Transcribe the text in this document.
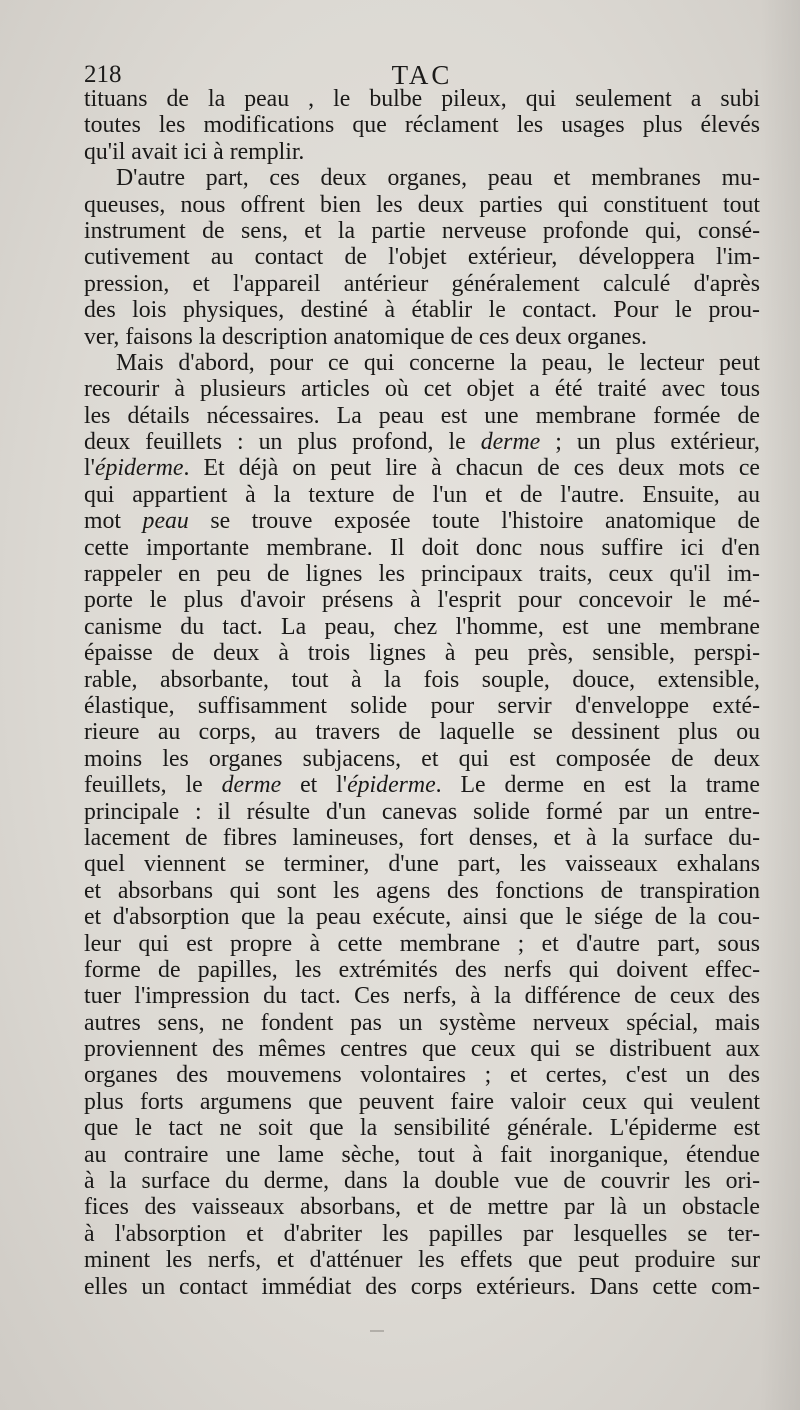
218	TAC
tituans de la peau , le bulbe pileux, qui seulement a subi
toutes les modifications que réclament les usages plus élevés
qu'il avait ici à remplir.
D'autre part, ces deux organes, peau et membranes mu-
queuses, nous offrent bien les deux parties qui constituent tout
instrument de sens, et la partie nerveuse profonde qui, consé-
cutivement au contact de l'objet extérieur, développera l'im-
pression, et l'appareil antérieur généralement calculé d'après
des lois physiques, destiné à établir le contact. Pour le prou-
ver, faisons la description anatomique de ces deux organes.
Mais d'abord, pour ce qui concerne la peau, le lecteur peut
recourir à plusieurs articles où cet objet a été traité avec tous
les détails nécessaires. La peau est une membrane formée de
deux feuillets : un plus profond, le derme ; un plus extérieur,
l'épiderme. Et déjà on peut lire à chacun de ces deux mots ce
qui appartient à la texture de l'un et de l'autre. Ensuite, au
mot peau se trouve exposée toute l'histoire anatomique de
cette importante membrane. Il doit donc nous suffire ici d'en
rappeler en peu de lignes les principaux traits, ceux qu'il im-
porte le plus d'avoir présens à l'esprit pour concevoir le mé-
canisme du tact. La peau, chez l'homme, est une membrane
épaisse de deux à trois lignes à peu près, sensible, perspi-
rable, absorbante, tout à la fois souple, douce, extensible,
élastique, suffisamment solide pour servir d'enveloppe exté-
rieure au corps, au travers de laquelle se dessinent plus ou
moins les organes subjacens, et qui est composée de deux
feuillets, le derme et l'épiderme. Le derme en est la trame
principale : il résulte d'un canevas solide formé par un entre-
lacement de fibres lamineuses, fort denses, et à la surface du-
quel viennent se terminer, d'une part, les vaisseaux exhalans
et absorbans qui sont les agens des fonctions de transpiration
et d'absorption que la peau exécute, ainsi que le siége de la cou-
leur qui est propre à cette membrane ; et d'autre part, sous
forme de papilles, les extrémités des nerfs qui doivent effec-
tuer l'impression du tact. Ces nerfs, à la différence de ceux des
autres sens, ne fondent pas un système nerveux spécial, mais
proviennent des mêmes centres que ceux qui se distribuent aux
organes des mouvemens volontaires ; et certes, c'est un des
plus forts argumens que peuvent faire valoir ceux qui veulent
que le tact ne soit que la sensibilité générale. L'épiderme est
au contraire une lame sèche, tout à fait inorganique, étendue
à la surface du derme, dans la double vue de couvrir les ori-
fices des vaisseaux absorbans, et de mettre par là un obstacle
à l'absorption et d'abriter les papilles par lesquelles se ter-
minent les nerfs, et d'atténuer les effets que peut produire sur
elles un contact immédiat des corps extérieurs. Dans cette com-
